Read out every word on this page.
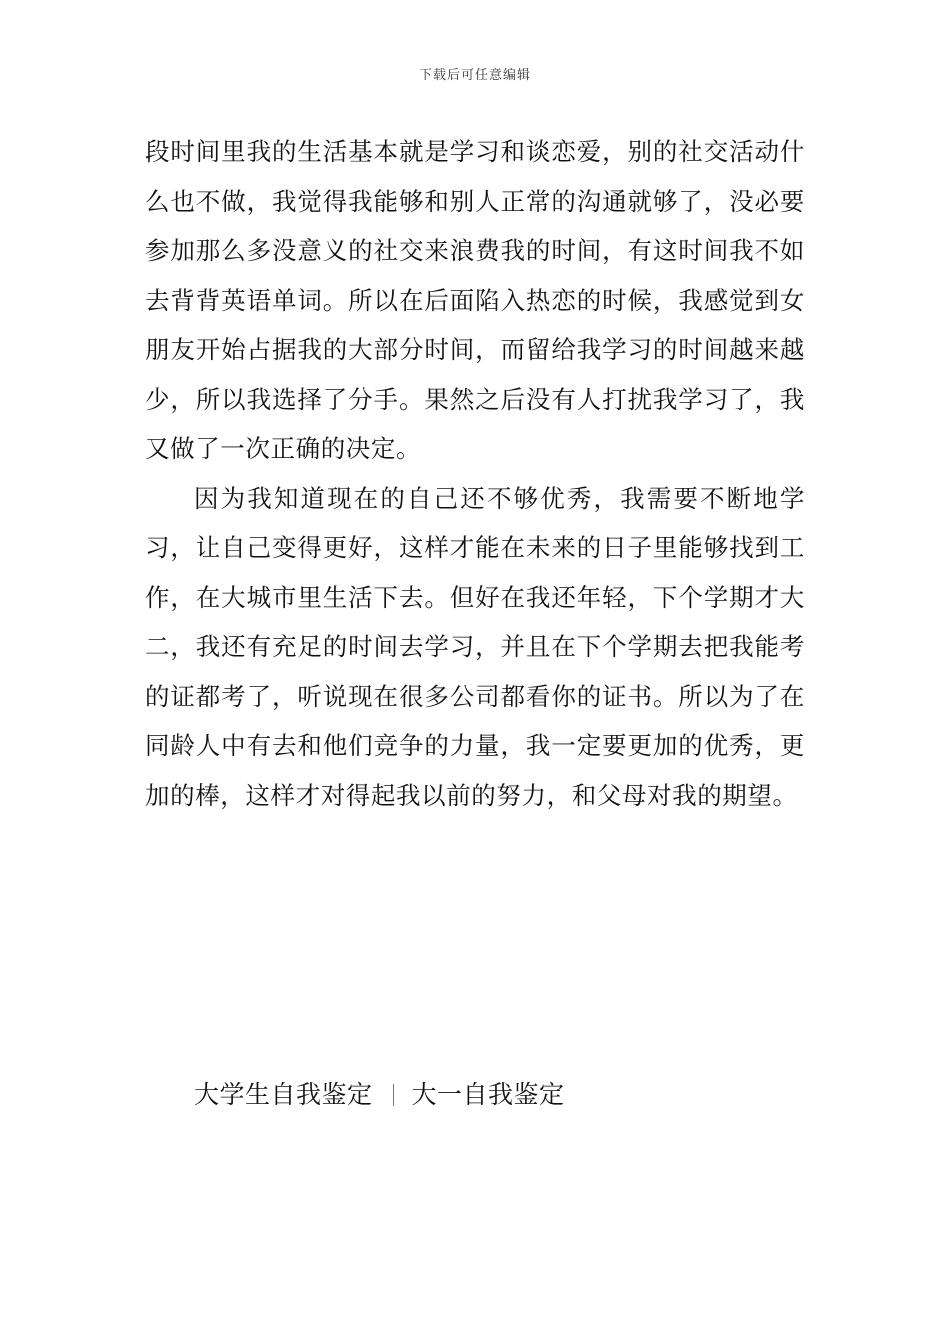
下载后可任意编辑

段时间里我的生活基本就是学习和谈恋爱，别的社交活动什么也不做，我觉得我能够和别人正常的沟通就够了，没必要参加那么多没意义的社交来浪费我的时间，有这时间我不如去背背英语单词。所以在后面陷入热恋的时候，我感觉到女朋友开始占据我的大部分时间，而留给我学习的时间越来越少，所以我选择了分手。果然之后没有人打扰我学习了，我又做了一次正确的决定。

因为我知道现在的自己还不够优秀，我需要不断地学习，让自己变得更好，这样才能在未来的日子里能够找到工作，在大城市里生活下去。但好在我还年轻，下个学期才大二，我还有充足的时间去学习，并且在下个学期去把我能考的证都考了，听说现在很多公司都看你的证书。所以为了在同龄人中有去和他们竞争的力量，我一定要更加的优秀，更加的棒，这样才对得起我以前的努力，和父母对我的期望。

大学生自我鉴定 大一自我鉴定
